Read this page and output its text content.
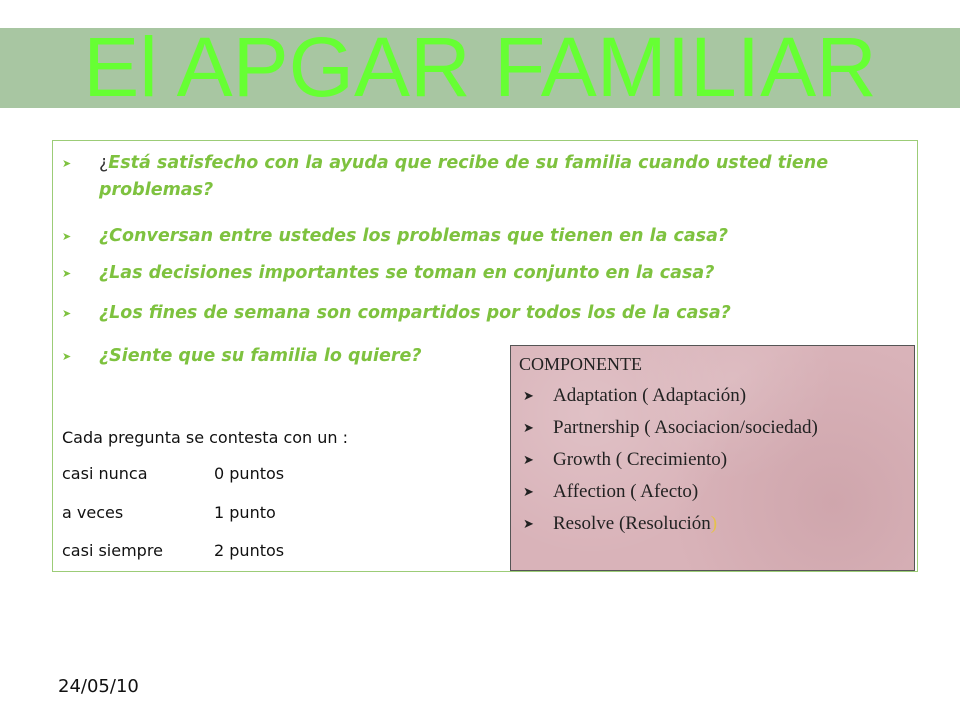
El APGAR FAMILIAR
➤ ¿Está satisfecho con la ayuda que recibe de su familia cuando usted tiene problemas?
➤ ¿Conversan entre ustedes los problemas que tienen en la casa?
➤ ¿Las decisiones importantes se toman en conjunto en la casa?
➤ ¿Los fines de semana son compartidos por todos los de la casa?
➤ ¿Siente que su familia lo quiere?
Cada pregunta se contesta con un :
casi nunca	0 puntos
a veces	1 punto
casi siempre	2 puntos
COMPONENTE
➤ Adaptation ( Adaptación)
➤ Partnership ( Asociacion/sociedad)
➤ Growth ( Crecimiento)
➤ Affection ( Afecto)
➤ Resolve (Resolución)
24/05/10
